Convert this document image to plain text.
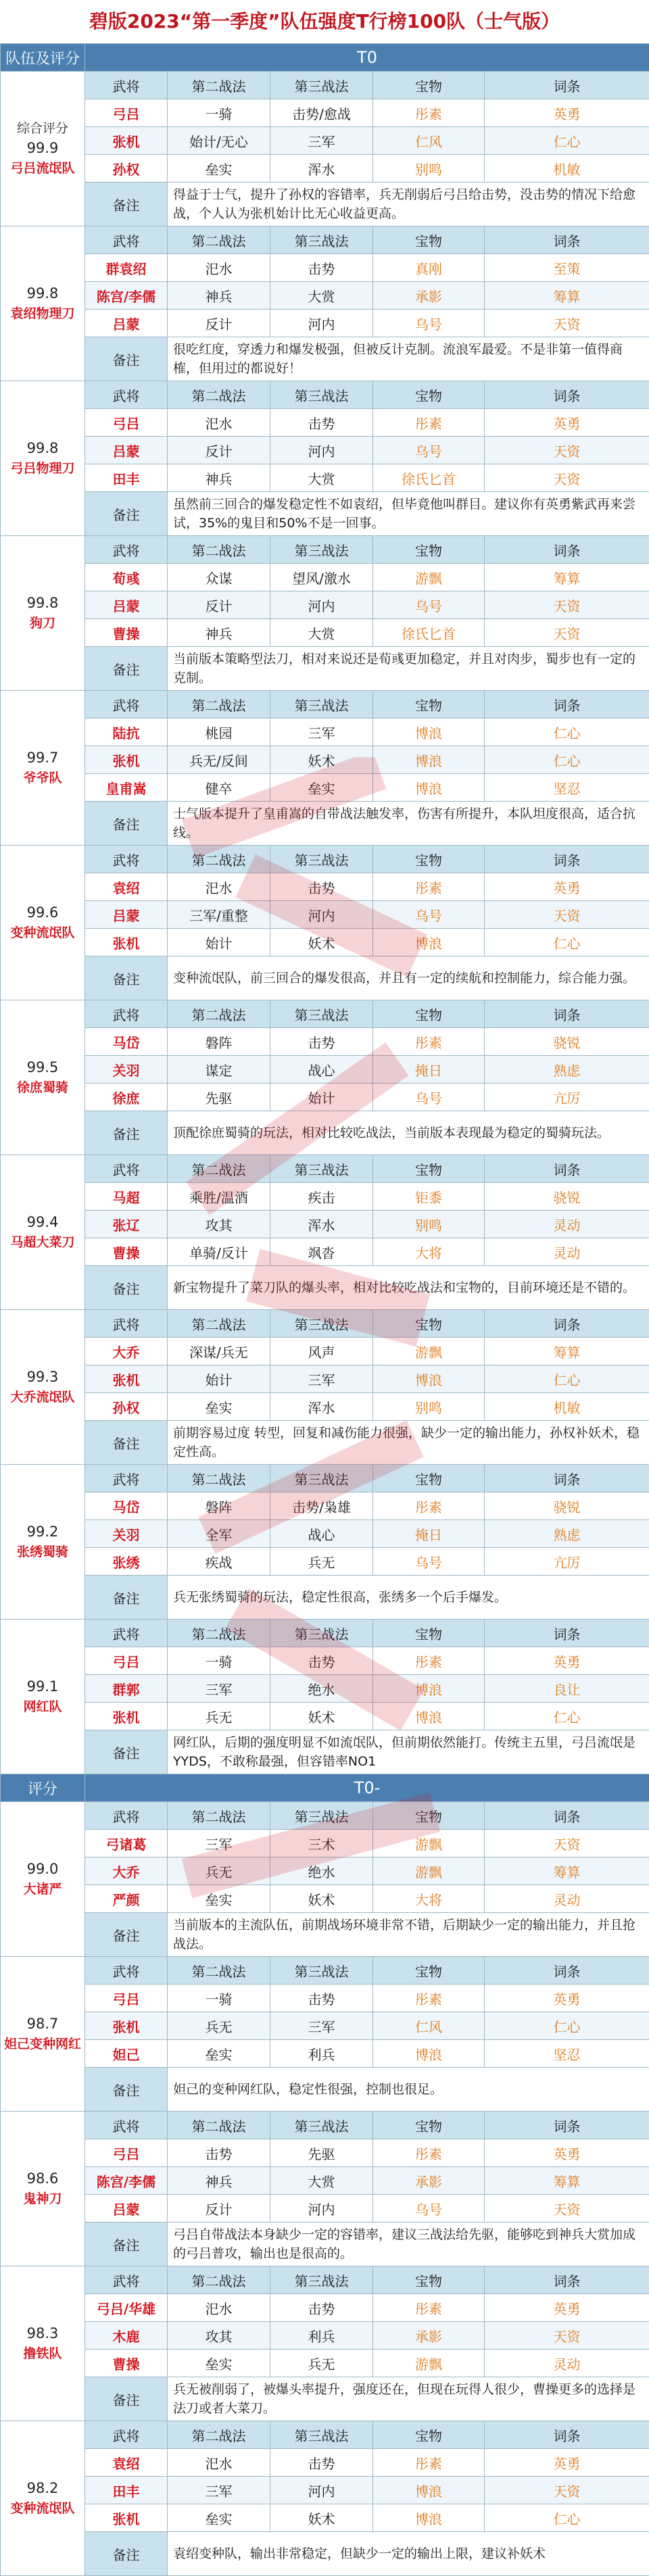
碧版2023“第一季度”队伍强度T行榜100队（士气版）
队伍及评分	T0				

综合评分
99.9
弓吕流氓队	武将	第二战法	第三战法	宝物	词条
	弓吕	一骑	击势/愈战	彤素	英勇
	张机	始计/无心	三军	仁风	仁心
	孙权	垒实	浑水	别鸣	机敏
	备注	得益于士气，提升了孙权的容错率，兵无削弱后弓吕给击势，没击势的情况下给愈战，个人认为张机始计比无心收益更高。			

99.8
袁绍物理刀	武将	第二战法	第三战法	宝物	词条
	群袁绍	汜水	击势	真刚	至策
	陈宫/李儒	神兵	大赏	承影	筹算
	吕蒙	反计	河内	乌号	天资
	备注	很吃红度，穿透力和爆发极强，但被反计克制。流浪军最爱。不是非第一值得商榷，但用过的都说好！			

99.8
弓吕物理刀	武将	第二战法	第三战法	宝物	词条
	弓吕	汜水	击势	彤素	英勇
	吕蒙	反计	河内	乌号	天资
	田丰	神兵	大赏	徐氏匕首	天资
	备注	虽然前三回合的爆发稳定性不如袁绍，但毕竟他叫群目。建议你有英勇紫武再来尝试，35%的鬼目和50%不是一回事。			

99.8
狗刀	武将	第二战法	第三战法	宝物	词条
	荀彧	众谋	望风/激水	游飘	筹算
	吕蒙	反计	河内	乌号	天资
	曹操	神兵	大赏	徐氏匕首	天资
	备注	当前版本策略型法刀，相对来说还是荀彧更加稳定，并且对肉步，蜀步也有一定的克制。			

99.7
爷爷队	武将	第二战法	第三战法	宝物	词条
	陆抗	桃园	三军	博浪	仁心
	张机	兵无/反间	妖术	博浪	仁心
	皇甫嵩	健卒	垒实	博浪	坚忍
	备注	士气版本提升了皇甫嵩的自带战法触发率，伤害有所提升，本队坦度很高，适合抗线。			

99.6
变种流氓队	武将	第二战法	第三战法	宝物	词条
	袁绍	汜水	击势	彤素	英勇
	吕蒙	三军/重整	河内	乌号	天资
	张机	始计	妖术	博浪	仁心
	备注	变种流氓队，前三回合的爆发很高，并且有一定的续航和控制能力，综合能力强。			

99.5
徐庶蜀骑	武将	第二战法	第三战法	宝物	词条
	马岱	磐阵	击势	彤素	骁锐
	关羽	谋定	战心	掩日	熟虑
	徐庶	先驱	始计	乌号	亢厉
	备注	顶配徐庶蜀骑的玩法，相对比较吃战法，当前版本表现最为稳定的蜀骑玩法。			

99.4
马超大菜刀	武将	第二战法	第三战法	宝物	词条
	马超	乘胜/温酒	疾击	钜黍	骁锐
	张辽	攻其	浑水	别鸣	灵动
	曹操	单骑/反计	飒沓	大将	灵动
	备注	新宝物提升了菜刀队的爆头率，相对比较吃战法和宝物的，目前环境还是不错的。			

99.3
大乔流氓队	武将	第二战法	第三战法	宝物	词条
	大乔	深谋/兵无	风声	游飘	筹算
	张机	始计	三军	博浪	仁心
	孙权	垒实	浑水	别鸣	机敏
	备注	前期容易过度 转型，回复和减伤能力很强，缺少一定的输出能力，孙权补妖术，稳定性高。			

99.2
张绣蜀骑	武将	第二战法	第三战法	宝物	词条
	马岱	磐阵	击势/枭雄	彤素	骁锐
	关羽	全军	战心	掩日	熟虑
	张绣	疾战	兵无	乌号	亢厉
	备注	兵无张绣蜀骑的玩法，稳定性很高，张绣多一个后手爆发。			

99.1
网红队	武将	第二战法	第三战法	宝物	词条
	弓吕	一骑	击势	彤素	英勇
	群郭	三军	绝水	博浪	良让
	张机	兵无	妖术	博浪	仁心
	备注	网红队，后期的强度明显不如流氓队，但前期依然能打。传统主五里，弓吕流氓是YYDS，不敢称最强，但容错率NO1			
评分	T0-				

99.0
大诸严	武将	第二战法	第三战法	宝物	词条
	弓诸葛	三军	三术	游飘	天资
	大乔	兵无	绝水	游飘	筹算
	严颜	垒实	妖术	大将	灵动
	备注	当前版本的主流队伍，前期战场环境非常不错，后期缺少一定的输出能力，并且抢战法。			

98.7
妲己变种网红	武将	第二战法	第三战法	宝物	词条
	弓吕	一骑	击势	彤素	英勇
	张机	兵无	三军	仁风	仁心
	妲己	垒实	利兵	博浪	坚忍
	备注	妲己的变种网红队，稳定性很强，控制也很足。			

98.6
鬼神刀	武将	第二战法	第三战法	宝物	词条
	弓吕	击势	先驱	彤素	英勇
	陈宫/李儒	神兵	大赏	承影	筹算
	吕蒙	反计	河内	乌号	天资
	备注	弓吕自带战法本身缺少一定的容错率，建议三战法给先驱，能够吃到神兵大赏加成的弓吕普攻，输出也是很高的。			

98.3
撸铁队	武将	第二战法	第三战法	宝物	词条
	弓吕/华雄	汜水	击势	彤素	英勇
	木鹿	攻其	利兵	承影	天资
	曹操	垒实	兵无	游飘	灵动
	备注	兵无被削弱了，被爆头率提升，强度还在，但现在玩得人很少，曹操更多的选择是法刀或者大菜刀。			

98.2
变种流氓队	武将	第二战法	第三战法	宝物	词条
	袁绍	汜水	击势	彤素	英勇
	田丰	三军	河内	博浪	天资
	张机	垒实	妖术	博浪	仁心
	备注	袁绍变种队，输出非常稳定，但缺少一定的输出上限，建议补妖术			
